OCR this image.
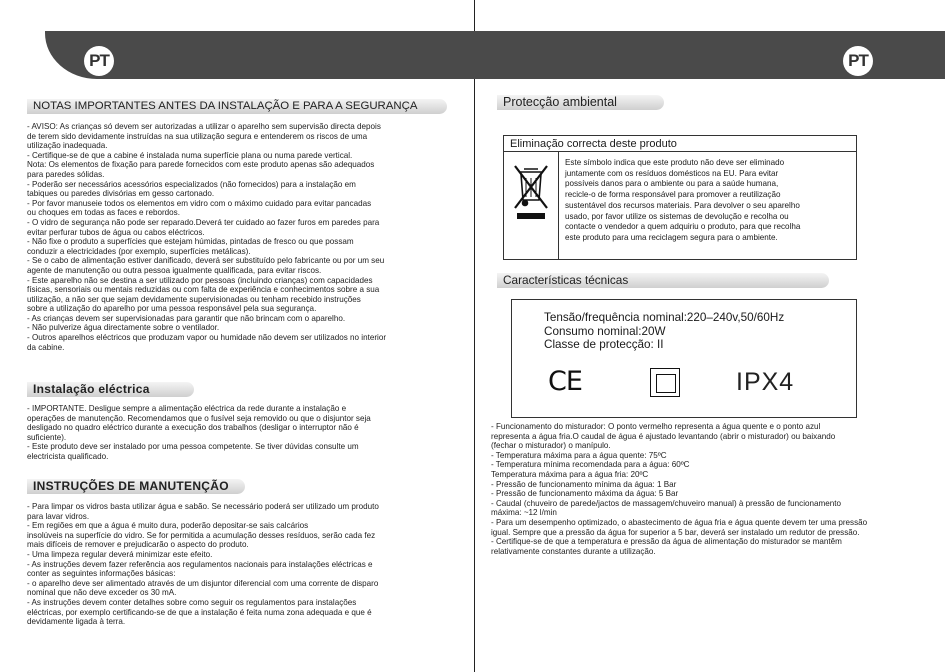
PT	PT
NOTAS IMPORTANTES ANTES DA INSTALAÇÃO E PARA A SEGURANÇA
- AVISO: As crianças só devem ser autorizadas a utilizar o aparelho sem supervisão directa depois
de terem sido devidamente instruídas na sua utilização segura e entenderem os riscos de uma
utilização inadequada.
- Certifique-se de que a cabine é instalada numa superfície plana ou numa parede vertical.
Nota: Os elementos de fixação para parede fornecidos com este produto apenas são adequados
para paredes sólidas.
- Poderão ser necessários acessórios especializados (não fornecidos) para a instalação em
tabiques ou paredes divisórias em gesso cartonado.
- Por favor manuseie todos os elementos em vidro com o máximo cuidado para evitar pancadas
ou choques em todas as faces e rebordos.
- O vidro de segurança não pode ser reparado.Deverá ter cuidado ao fazer furos em paredes para
evitar perfurar tubos de água ou cabos eléctricos.
- Não fixe o produto a superfícies que estejam húmidas, pintadas de fresco ou que possam
conduzir a electricidades (por exemplo, superfícies metálicas).
- Se o cabo de alimentação estiver danificado, deverá ser substituído pelo fabricante ou por um seu
agente de manutenção ou outra pessoa igualmente qualificada, para evitar riscos.
- Este aparelho não se destina a ser utilizado por pessoas (incluindo crianças) com capacidades
físicas, sensoriais ou mentais reduzidas ou com falta de experiência e conhecimentos sobre a sua
utilização, a não ser que sejam devidamente supervisionadas ou tenham recebido instruções
sobre a utilização do aparelho por uma pessoa responsável pela sua segurança.
- As crianças devem ser supervisionadas para garantir que não brincam com o aparelho.
- Não pulverize água directamente sobre o ventilador.
- Outros aparelhos eléctricos que produzam vapor ou humidade não devem ser utilizados no interior
da cabine.
Instalação eléctrica
- IMPORTANTE. Desligue sempre a alimentação eléctrica da rede durante a instalação e
operações de manutenção. Recomendamos que o fusível seja removido ou que o disjuntor seja
desligado no quadro eléctrico durante a execução dos trabalhos (desligar o interruptor não é
suficiente).
- Este produto deve ser instalado por uma pessoa competente. Se tiver dúvidas consulte um
electricista qualificado.
INSTRUÇÕES DE MANUTENÇÃO
- Para limpar os vidros basta utilizar água e sabão. Se necessário poderá ser utilizado um produto
para lavar vidros.
- Em regiões em que a água é muito dura, poderão depositar-se sais calcários
insolúveis na superfície do vidro. Se for permitida a acumulação desses resíduos, serão cada fez
mais difíceis de remover e prejudicarão o aspecto do produto.
- Uma limpeza regular deverá minimizar este efeito.
- As instruções devem fazer referência aos regulamentos nacionais para instalações eléctricas e
conter as seguintes informações básicas:
- o aparelho deve ser alimentado através de um disjuntor diferencial com uma corrente de disparo
nominal que não deve exceder os 30 mA.
- As instruções devem conter detalhes sobre como seguir os regulamentos para instalações
eléctricas, por exemplo certificando-se de que a instalação é feita numa zona adequada e que é
devidamente ligada à terra.
Protecção ambiental
Eliminação correcta deste produto
Este símbolo indica que este produto não deve ser eliminado
juntamente com os resíduos domésticos na EU. Para evitar
possíveis danos para o ambiente ou para a saúde humana,
recicle-o de forma responsável para promover a reutilização
sustentável dos recursos materiais. Para devolver o seu aparelho
usado, por favor utilize os sistemas de devolução e recolha ou
contacte o vendedor a quem adquiriu o produto, para que recolha
este produto para uma reciclagem segura para o ambiente.
Características técnicas
Tensão/frequência nominal:220–240v,50/60Hz
Consumo nominal:20W
Classe de protecção: II
CE	IPX4
- Funcionamento do misturador: O ponto vermelho representa a água quente e o ponto azul
representa a água fria.O caudal de água é ajustado levantando (abrir o misturador) ou baixando
(fechar o misturador) o manípulo.
- Temperatura máxima para a água quente: 75ºC
- Temperatura mínima recomendada para a água: 60ºC
Temperatura máxima para a água fria: 20ºC
- Pressão de funcionamento mínima da água: 1 Bar
- Pressão de funcionamento máxima da água: 5 Bar
- Caudal (chuveiro de parede/jactos de massagem/chuveiro manual) à pressão de funcionamento
máxima: ~12 l/min
- Para um desempenho optimizado, o abastecimento de água fria e água quente devem ter uma pressão
igual. Sempre que a pressão da água for superior a 5 bar, deverá ser instalado um redutor de pressão.
- Certifique-se de que a temperatura e pressão da água de alimentação do misturador se mantêm
relativamente constantes durante a utilização.
